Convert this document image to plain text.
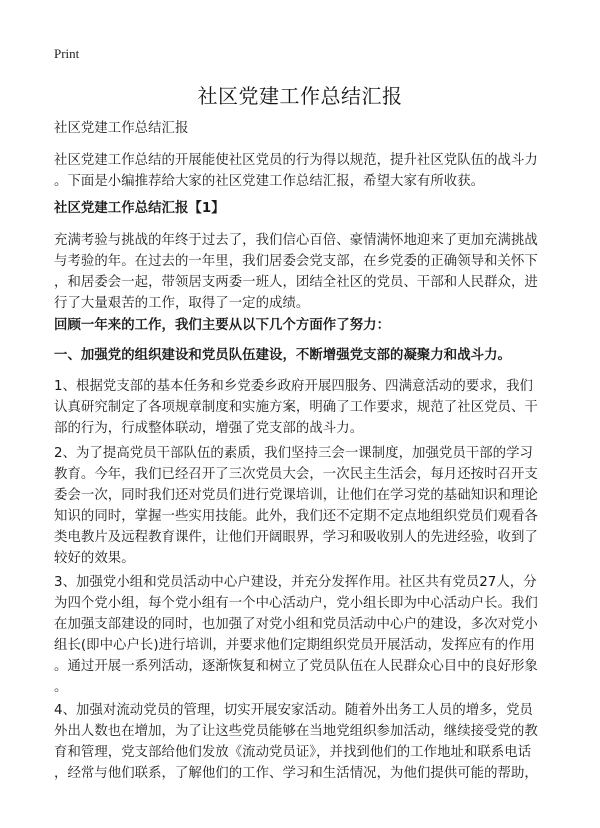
Print
社区党建工作总结汇报
社区党建工作总结汇报
社区党建工作总结的开展能使社区党员的行为得以规范，提升社区党队伍的战斗力
。下面是小编推荐给大家的社区党建工作总结汇报，希望大家有所收获。
社区党建工作总结汇报【1】
充满考验与挑战的年终于过去了，我们信心百倍、豪情满怀地迎来了更加充满挑战
与考验的年。在过去的一年里，我们居委会党支部，在乡党委的正确领导和关怀下
，和居委会一起，带领居支两委一班人，团结全社区的党员、干部和人民群众，进
行了大量艰苦的工作，取得了一定的成绩。
回顾一年来的工作，我们主要从以下几个方面作了努力：
一、加强党的组织建设和党员队伍建设，不断增强党支部的凝聚力和战斗力。
1、根据党支部的基本任务和乡党委乡政府开展四服务、四满意活动的要求，我们
认真研究制定了各项规章制度和实施方案，明确了工作要求，规范了社区党员、干
部的行为，行成整体联动，增强了党支部的战斗力。
2、为了提高党员干部队伍的素质，我们坚持三会一课制度，加强党员干部的学习
教育。今年，我们已经召开了三次党员大会，一次民主生活会，每月还按时召开支
委会一次，同时我们还对党员们进行党课培训，让他们在学习党的基础知识和理论
知识的同时，掌握一些实用技能。此外，我们还不定期不定点地组织党员们观看各
类电教片及远程教育课件，让他们开阔眼界，学习和吸收别人的先进经验，收到了
较好的效果。
3、加强党小组和党员活动中心户建设，并充分发挥作用。社区共有党员27人，分
为四个党小组，每个党小组有一个中心活动户，党小组长即为中心活动户长。我们
在加强支部建设的同时，也加强了对党小组和党员活动中心户的建设，多次对党小
组长(即中心户长)进行培训，并要求他们定期组织党员开展活动，发挥应有的作用
。通过开展一系列活动，逐渐恢复和树立了党员队伍在人民群众心目中的良好形象
。
4、加强对流动党员的管理，切实开展安家活动。随着外出务工人员的增多，党员
外出人数也在增加，为了让这些党员能够在当地党组织参加活动，继续接受党的教
育和管理，党支部给他们发放《流动党员证》，并找到他们的工作地址和联系电话
，经常与他们联系，了解他们的工作、学习和生活情况，为他们提供可能的帮助，
